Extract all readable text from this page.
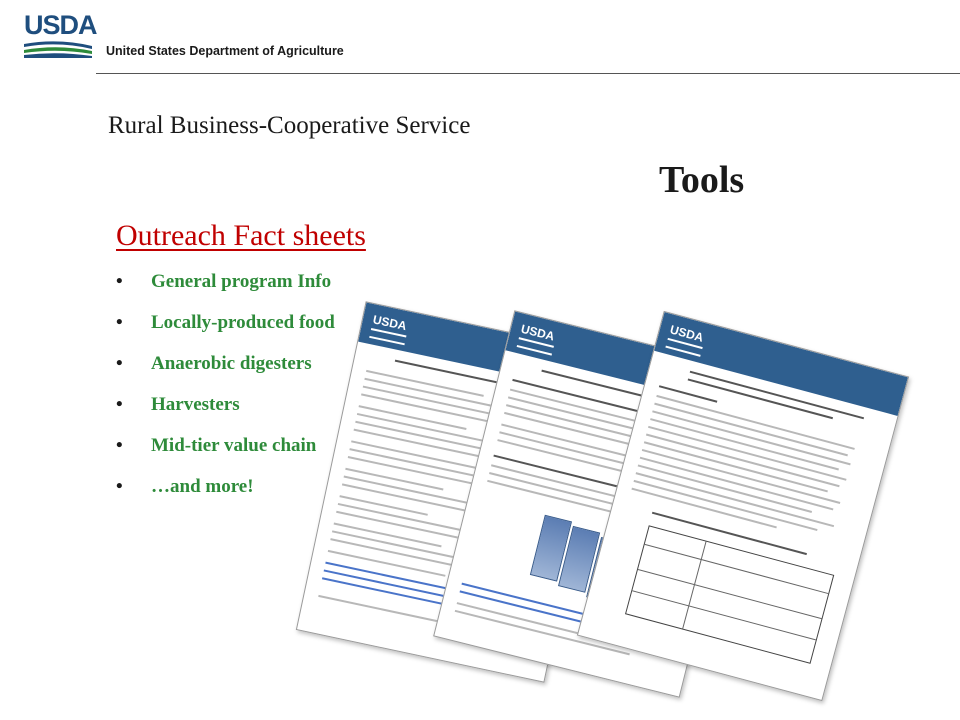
USDA
United States Department of Agriculture
Rural Business-Cooperative Service
Tools
Outreach Fact sheets
• General program Info
• Locally-produced food
• Anaerobic digesters
• Harvesters
• Mid-tier value chain
• …and more!
USDA	USDA	USDA
